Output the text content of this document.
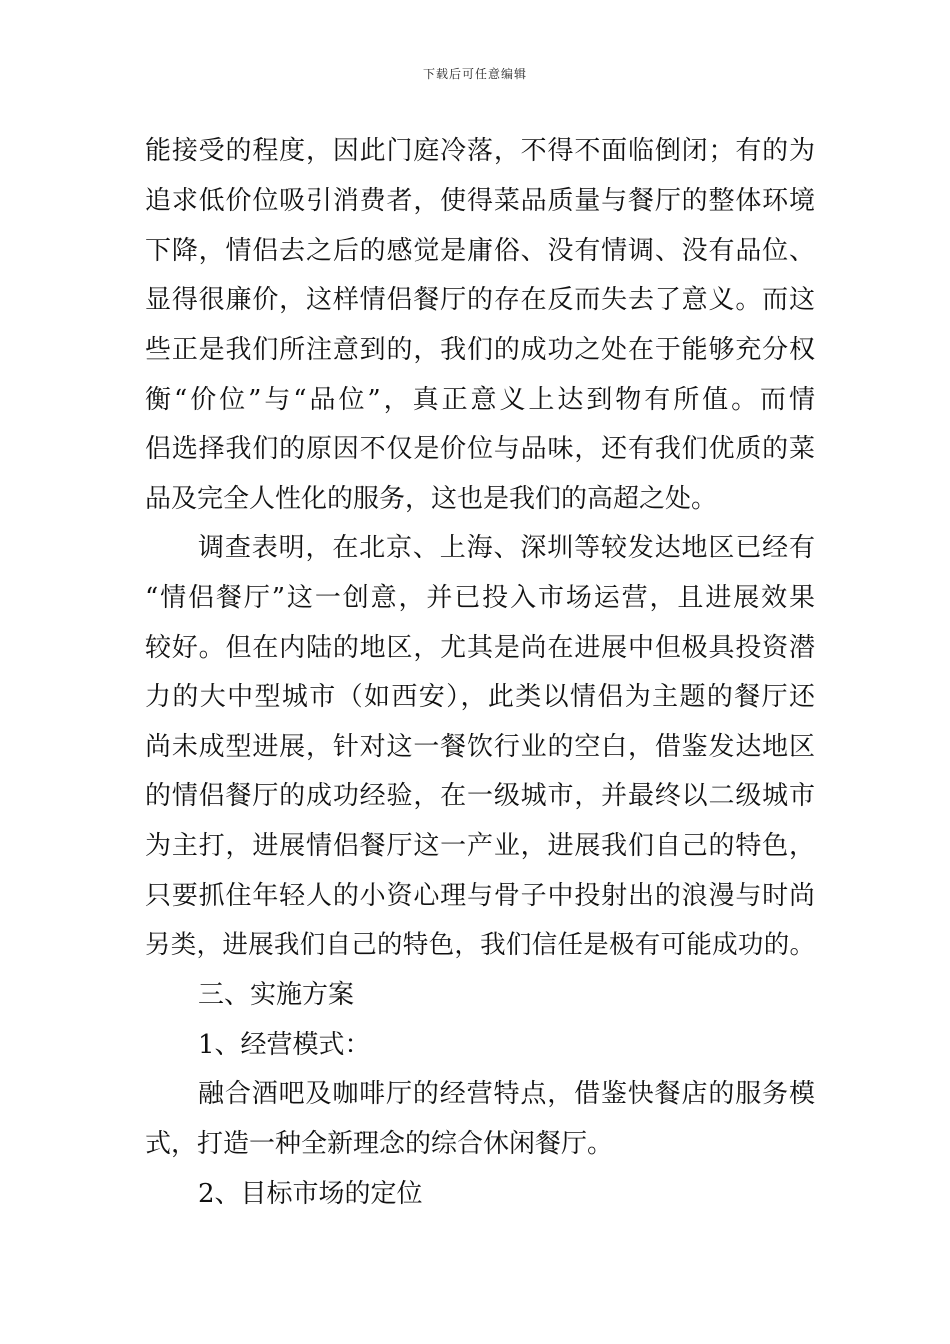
下载后可任意编辑
能接受的程度，因此门庭冷落，不得不面临倒闭；有的为
追求低价位吸引消费者，使得菜品质量与餐厅的整体环境
下降，情侣去之后的感觉是庸俗、没有情调、没有品位、
显得很廉价，这样情侣餐厅的存在反而失去了意义。而这
些正是我们所注意到的，我们的成功之处在于能够充分权
衡“价位”与“品位”，真正意义上达到物有所值。而情
侣选择我们的原因不仅是价位与品味，还有我们优质的菜
品及完全人性化的服务，这也是我们的高超之处。
调查表明，在北京、上海、深圳等较发达地区已经有
“情侣餐厅”这一创意，并已投入市场运营，且进展效果
较好。但在内陆的地区，尤其是尚在进展中但极具投资潜
力的大中型城市（如西安），此类以情侣为主题的餐厅还
尚未成型进展，针对这一餐饮行业的空白，借鉴发达地区
的情侣餐厅的成功经验，在一级城市，并最终以二级城市
为主打，进展情侣餐厅这一产业，进展我们自己的特色，
只要抓住年轻人的小资心理与骨子中投射出的浪漫与时尚
另类，进展我们自己的特色，我们信任是极有可能成功的。
三、实施方案
1、经营模式：
融合酒吧及咖啡厅的经营特点，借鉴快餐店的服务模
式，打造一种全新理念的综合休闲餐厅。
2、目标市场的定位
